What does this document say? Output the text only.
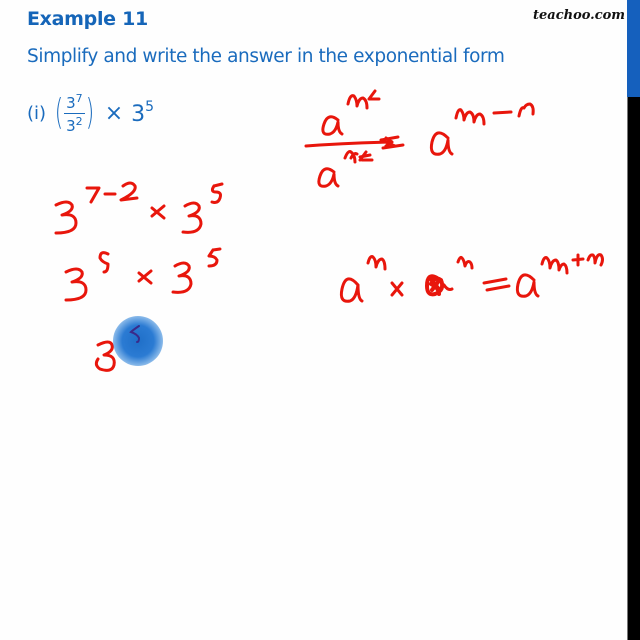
Example 11	teachoo.com
Simplify and write the answer in the exponential form
(i) ( $\frac{3^7}{3^2}$ ) × $3^5$
